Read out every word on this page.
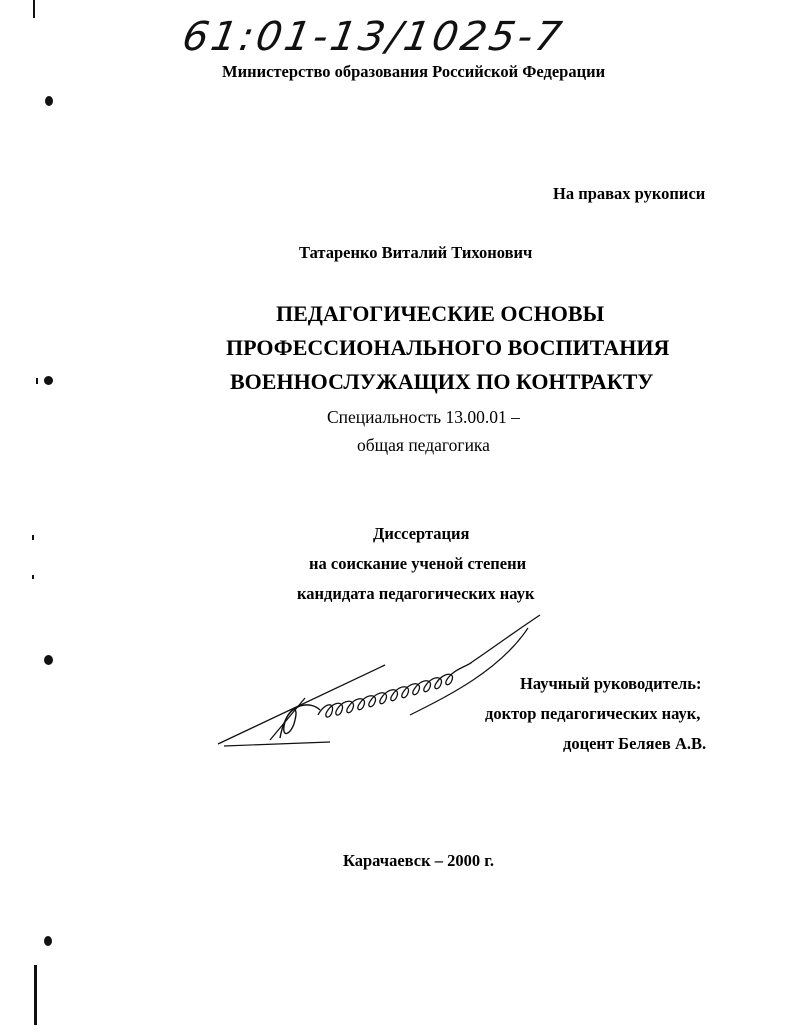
61:01-13/1025-7
Министерство образования Российской Федерации
На правах рукописи
Татаренко Виталий Тихонович
ПЕДАГОГИЧЕСКИЕ ОСНОВЫ
ПРОФЕССИОНАЛЬНОГО ВОСПИТАНИЯ
ВОЕННОСЛУЖАЩИХ ПО КОНТРАКТУ
Специальность 13.00.01 –
общая педагогика
Диссертация
на соискание ученой степени
кандидата педагогических наук
Научный руководитель:
доктор педагогических наук,
доцент Беляев А.В.
Карачаевск – 2000 г.
